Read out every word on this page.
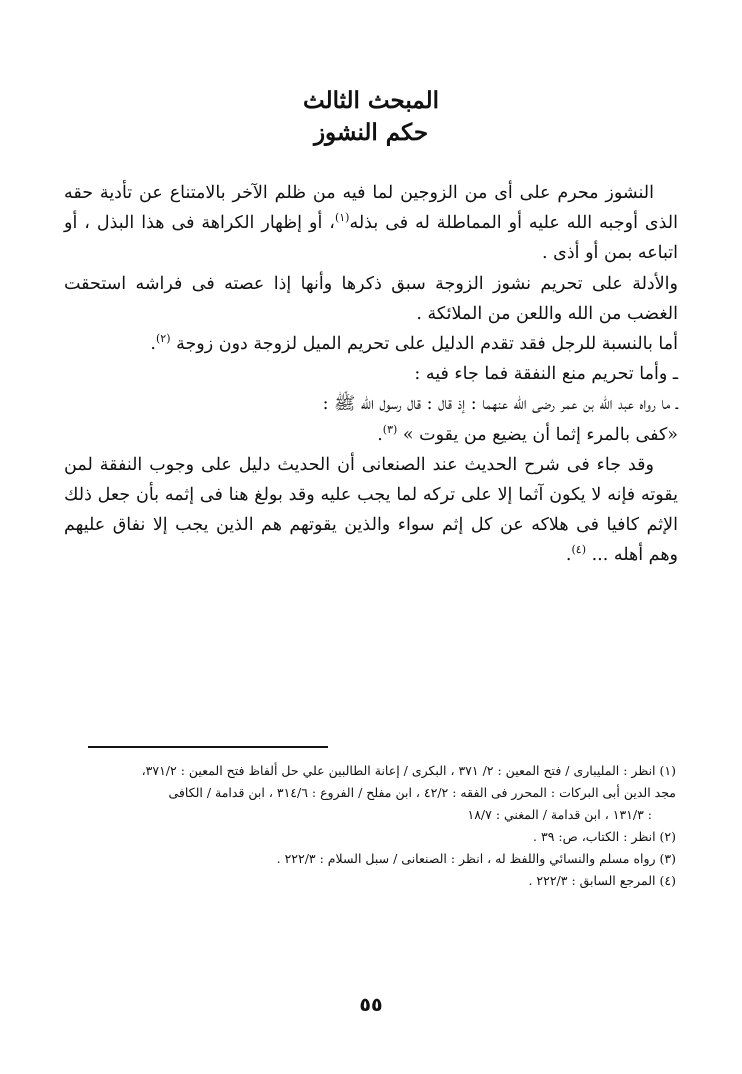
المبحث الثالث
حكم النشوز

النشوز محرم على أى من الزوجين لما فيه من ظلم الآخر بالامتناع عن تأدية حقه الذى أوجبه الله عليه أو المماطلة له فى بذله$^{(١)}$، أو إظهار الكراهة فى هذا البذل ، أو اتباعه بمن أو أذى .

والأدلة على تحريم نشوز الزوجة سبق ذكرها وأنها إذا عصته فى فراشه استحقت الغضب من الله واللعن من الملائكة .

أما بالنسبة للرجل فقد تقدم الدليل على تحريم الميل لزوجة دون زوجة $^{(٢)}$.

ـ وأما تحريم منع النفقة فما جاء فيه :

ـ ما رواه عبد الله بن عمر رضى الله عنهما : إذ قال : قال رسول الله ﷺ :

«كفى بالمرء إثما أن يضيع من يقوت » $^{(٣)}$.

وقد جاء فى شرح الحديث عند الصنعانى أن الحديث دليل على وجوب النفقة لمن يقوته فإنه لا يكون آثما إلا على تركه لما يجب عليه وقد بولغ هنا فى إثمه بأن جعل ذلك الإثم كافيا فى هلاكه عن كل إثم سواء والذين يقوتهم هم الذين يجب إلا نفاق عليهم وهم أهله ... $^{(٤)}$.

(١) انظر : المليبارى / فتح المعين : ٢/ ٣٧١ ، البكرى / إعانة الطالبين علي حل ألفاظ فتح المعين : ٣٧١/٢،
مجد الدين أبى البركات : المحرر فى الفقه : ٤٢/٢ ، ابن مفلح / الفروع : ٣١٤/٦ ، ابن قدامة / الكافى

: ١٣١/٣ ، ابن قدامة / المغني : ١٨/٧

(٢) انظر : الكتاب، ص: ٣٩ .

(٣) رواه مسلم والنسائي واللفظ له ، انظر : الصنعانى / سبل السلام : ٢٢٢/٣ .

(٤) المرجع السابق : ٢٢٢/٣ .

٥٥
